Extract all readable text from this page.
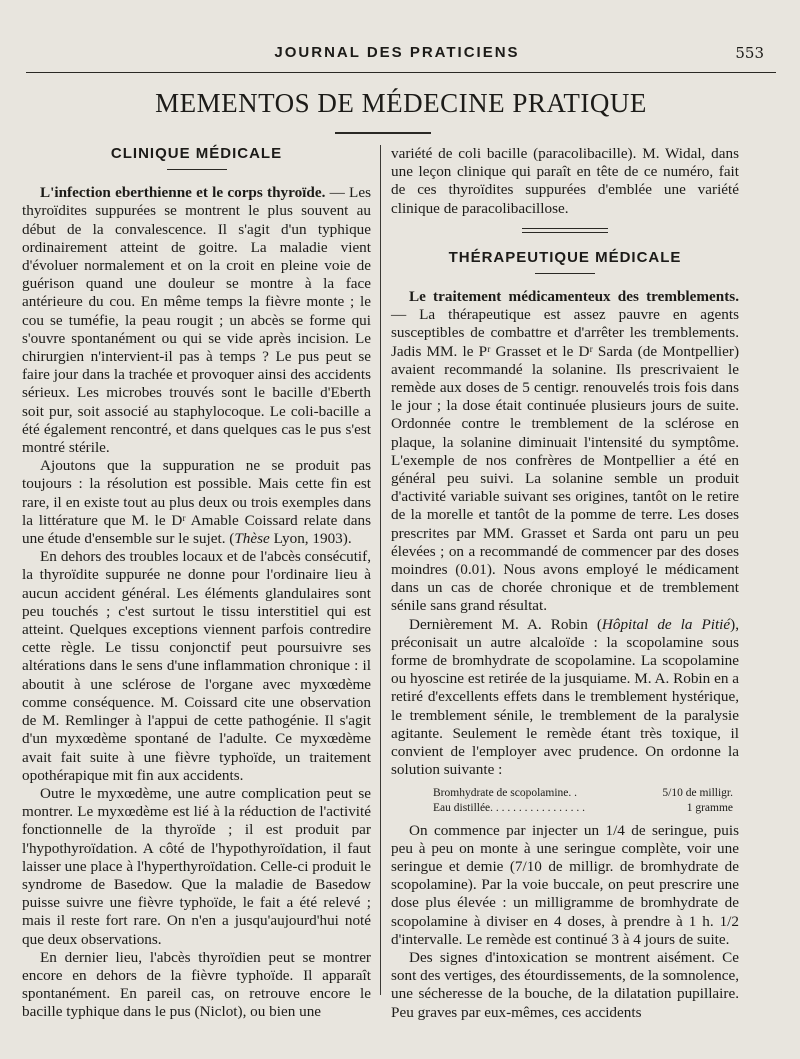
JOURNAL DES PRATICIENS	553
MEMENTOS DE MÉDECINE PRATIQUE
CLINIQUE MÉDICALE

L'infection eberthienne et le corps thyroïde. — Les thyroïdites suppurées se montrent le plus souvent au début de la convalescence. Il s'agit d'un typhique ordinairement atteint de goitre. La maladie vient d'évoluer normalement et on la croit en pleine voie de guérison quand une douleur se montre à la face antérieure du cou. En même temps la fièvre monte ; le cou se tuméfie, la peau rougit ; un abcès se forme qui s'ouvre spontanément ou qui se vide après incision. Le chirurgien n'intervient-il pas à temps ? Le pus peut se faire jour dans la trachée et provoquer ainsi des accidents sérieux. Les microbes trouvés sont le bacille d'Eberth soit pur, soit associé au staphylocoque. Le coli-bacille a été également rencontré, et dans quelques cas le pus s'est montré stérile.

Ajoutons que la suppuration ne se produit pas toujours : la résolution est possible. Mais cette fin est rare, il en existe tout au plus deux ou trois exemples dans la littérature que M. le Dʳ Amable Coissard relate dans une étude d'ensemble sur le sujet. (Thèse Lyon, 1903).

En dehors des troubles locaux et de l'abcès consécutif, la thyroïdite suppurée ne donne pour l'ordinaire lieu à aucun accident général. Les éléments glandulaires sont peu touchés ; c'est surtout le tissu interstitiel qui est atteint. Quelques exceptions viennent parfois contredire cette règle. Le tissu conjonctif peut poursuivre ses altérations dans le sens d'une inflammation chronique : il aboutit à une sclérose de l'organe avec myxœdème comme conséquence. M. Coissard cite une observation de M. Remlinger à l'appui de cette pathogénie. Il s'agit d'un myxœdème spontané de l'adulte. Ce myxœdème avait fait suite à une fièvre typhoïde, un traitement opothérapique mit fin aux accidents.

Outre le myxœdème, une autre complication peut se montrer. Le myxœdème est lié à la réduction de l'activité fonctionnelle de la thyroïde ; il est produit par l'hypothyroïdation. A côté de l'hypothyroïdation, il faut laisser une place à l'hyperthyroïdation. Celle-ci produit le syndrome de Basedow. Que la maladie de Basedow puisse suivre une fièvre typhoïde, le fait a été relevé ; mais il reste fort rare. On n'en a jusqu'aujourd'hui noté que deux observations.

En dernier lieu, l'abcès thyroïdien peut se montrer encore en dehors de la fièvre typhoïde. Il apparaît spontanément. En pareil cas, on retrouve encore le bacille typhique dans le pus (Niclot), ou bien une

variété de coli bacille (paracolibacille). M. Widal, dans une leçon clinique qui paraît en tête de ce numéro, fait de ces thyroïdites suppurées d'emblée une variété clinique de paracolibacillose.

THÉRAPEUTIQUE MÉDICALE

Le traitement médicamenteux des tremblements. — La thérapeutique est assez pauvre en agents susceptibles de combattre et d'arrêter les tremblements. Jadis MM. le Pʳ Grasset et le Dʳ Sarda (de Montpellier) avaient recommandé la solanine. Ils prescrivaient le remède aux doses de 5 centigr. renouvelés trois fois dans le jour ; la dose était continuée plusieurs jours de suite. Ordonnée contre le tremblement de la sclérose en plaque, la solanine diminuait l'intensité du symptôme. L'exemple de nos confrères de Montpellier a été en général peu suivi. La solanine semble un produit d'activité variable suivant ses origines, tantôt on le retire de la morelle et tantôt de la pomme de terre. Les doses prescrites par MM. Grasset et Sarda ont paru un peu élevées ; on a recommandé de commencer par des doses moindres (0.01). Nous avons employé le médicament dans un cas de chorée chronique et de tremblement sénile sans grand résultat.

Dernièrement M. A. Robin (Hôpital de la Pitié), préconisait un autre alcaloïde : la scopolamine sous forme de bromhydrate de scopolamine. La scopolamine ou hyoscine est retirée de la jusquiame. M. A. Robin en a retiré d'excellents effets dans le tremblement hystérique, le tremblement sénile, le tremblement de la paralysie agitante. Seulement le remède étant très toxique, il convient de l'employer avec prudence. On ordonne la solution suivante :

Bromhydrate de scopolamine. .	5/10 de milligr.
Eau distillée. . . . . . . . . . . . . . . . .	1 gramme

On commence par injecter un 1/4 de seringue, puis peu à peu on monte à une seringue complète, voir une seringue et demie (7/10 de milligr. de bromhydrate de scopolamine). Par la voie buccale, on peut prescrire une dose plus élevée : un milligramme de bromhydrate de scopolamine à diviser en 4 doses, à prendre à 1 h. 1/2 d'intervalle. Le remède est continué 3 à 4 jours de suite.

Des signes d'intoxication se montrent aisément. Ce sont des vertiges, des étourdissements, de la somnolence, une sécheresse de la bouche, de la dilatation pupillaire. Peu graves par eux-mêmes, ces accidents
